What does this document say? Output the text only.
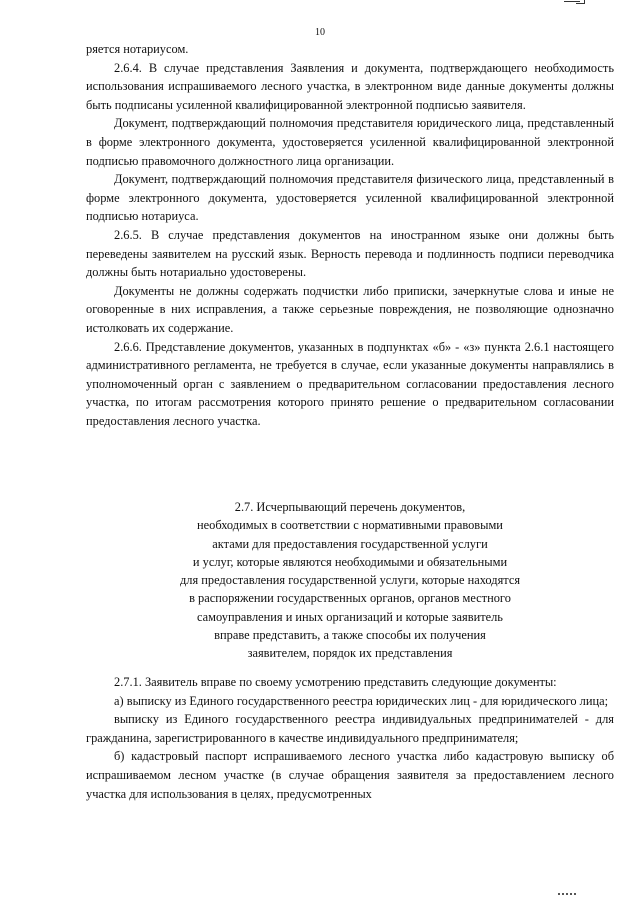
10

ряется нотариусом.

2.6.4. В случае представления Заявления и документа, подтверждающего необходимость использования испрашиваемого лесного участка, в электронном виде данные документы должны быть подписаны усиленной квалифицированной электронной подписью заявителя.

Документ, подтверждающий полномочия представителя юридического лица, представленный в форме электронного документа, удостоверяется усиленной квалифицированной электронной подписью правомочного должностного лица организации.

Документ, подтверждающий полномочия представителя физического лица, представленный в форме электронного документа, удостоверяется усиленной квалифицированной электронной подписью нотариуса.

2.6.5. В случае представления документов на иностранном языке они должны быть переведены заявителем на русский язык. Верность перевода и подлинность подписи переводчика должны быть нотариально удостоверены.

Документы не должны содержать подчистки либо приписки, зачеркнутые слова и иные не оговоренные в них исправления, а также серьезные повреждения, не позволяющие однозначно истолковать их содержание.

2.6.6. Представление документов, указанных в подпунктах «б» - «з» пункта 2.6.1 настоящего административного регламента, не требуется в случае, если указанные документы направлялись в уполномоченный орган с заявлением о предварительном согласовании предоставления лесного участка, по итогам рассмотрения которого принято решение о предварительном согласовании предоставления лесного участка.

2.7. Исчерпывающий перечень документов,
необходимых в соответствии с нормативными правовыми
актами для предоставления государственной услуги
и услуг, которые являются необходимыми и обязательными
для предоставления государственной услуги, которые находятся
в распоряжении государственных органов, органов местного
самоуправления и иных организаций и которые заявитель
вправе представить, а также способы их получения
заявителем, порядок их представления

2.7.1. Заявитель вправе по своему усмотрению представить следующие документы:

а) выписку из Единого государственного реестра юридических лиц - для юридического лица;

выписку из Единого государственного реестра индивидуальных предпринимателей - для гражданина, зарегистрированного в качестве индивидуального предпринимателя;

б) кадастровый паспорт испрашиваемого лесного участка либо кадастровую выписку об испрашиваемом лесном участке (в случае обращения заявителя за предоставлением лесного участка для использования в целях, предусмотренных
